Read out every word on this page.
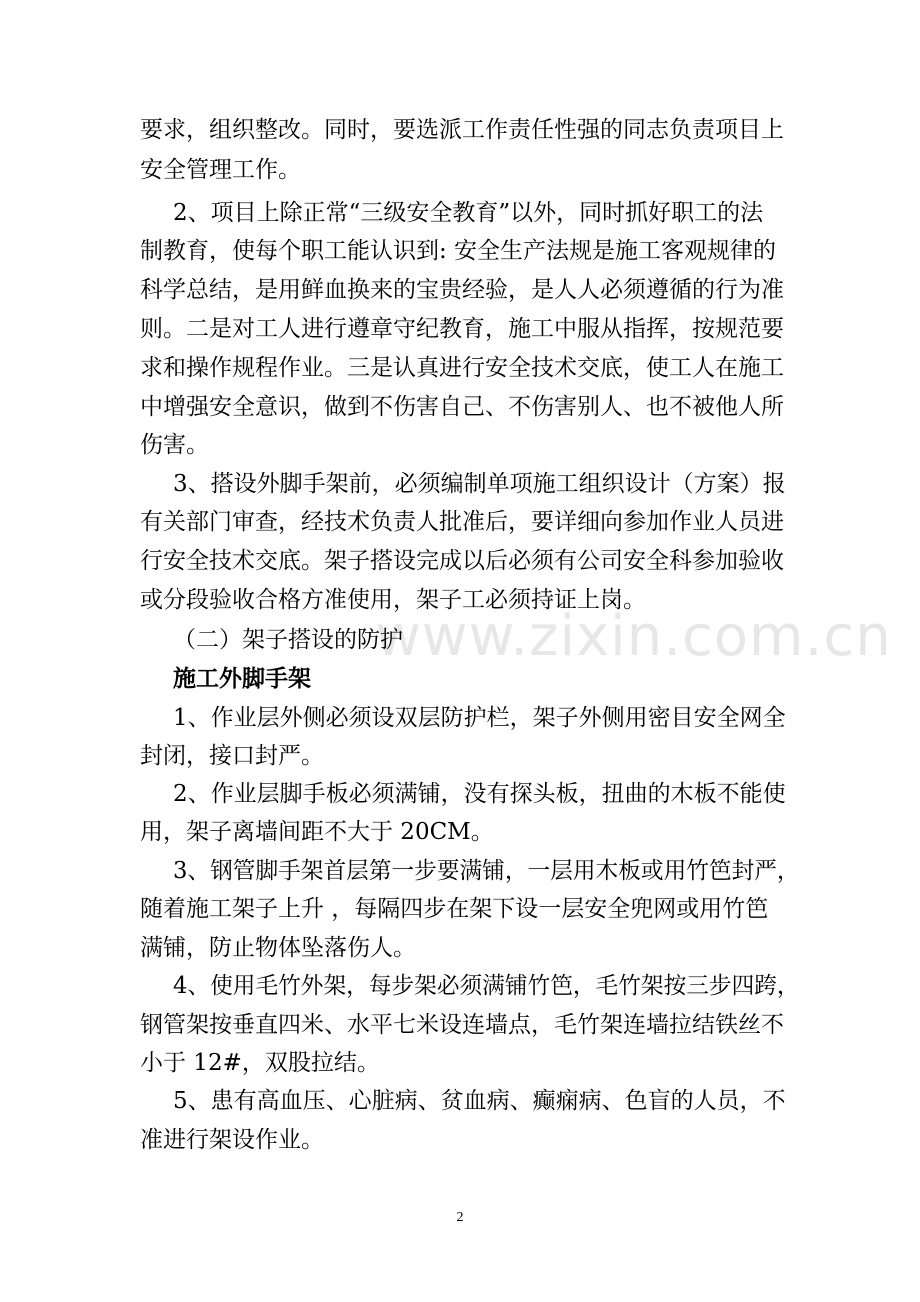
www.zixin.com.cn
要求，组织整改。同时，要选派工作责任性强的同志负责项目上
安全管理工作。
2、项目上除正常“三级安全教育”以外，同时抓好职工的法
制教育，使每个职工能认识到: 安全生产法规是施工客观规律的
科学总结，是用鲜血换来的宝贵经验，是人人必须遵循的行为准
则。二是对工人进行遵章守纪教育，施工中服从指挥，按规范要
求和操作规程作业。三是认真进行安全技术交底，使工人在施工
中增强安全意识，做到不伤害自己、不伤害别人、也不被他人所
伤害。
3、搭设外脚手架前，必须编制单项施工组织设计（方案）报
有关部门审查，经技术负责人批准后，要详细向参加作业人员进
行安全技术交底。架子搭设完成以后必须有公司安全科参加验收
或分段验收合格方准使用，架子工必须持证上岗。
（二）架子搭设的防护
施工外脚手架
1、作业层外侧必须设双层防护栏，架子外侧用密目安全网全
封闭，接口封严。
2、作业层脚手板必须满铺，没有探头板，扭曲的木板不能使
用，架子离墙间距不大于 20CM。
3、钢管脚手架首层第一步要满铺，一层用木板或用竹笆封严，
随着施工架子上升 ，每隔四步在架下设一层安全兜网或用竹笆
满铺，防止物体坠落伤人。
4、使用毛竹外架，每步架必须满铺竹笆，毛竹架按三步四跨，
钢管架按垂直四米、水平七米设连墙点，毛竹架连墙拉结铁丝不
小于 12#，双股拉结。
5、患有高血压、心脏病、贫血病、癫痫病、色盲的人员，不
准进行架设作业。
2
